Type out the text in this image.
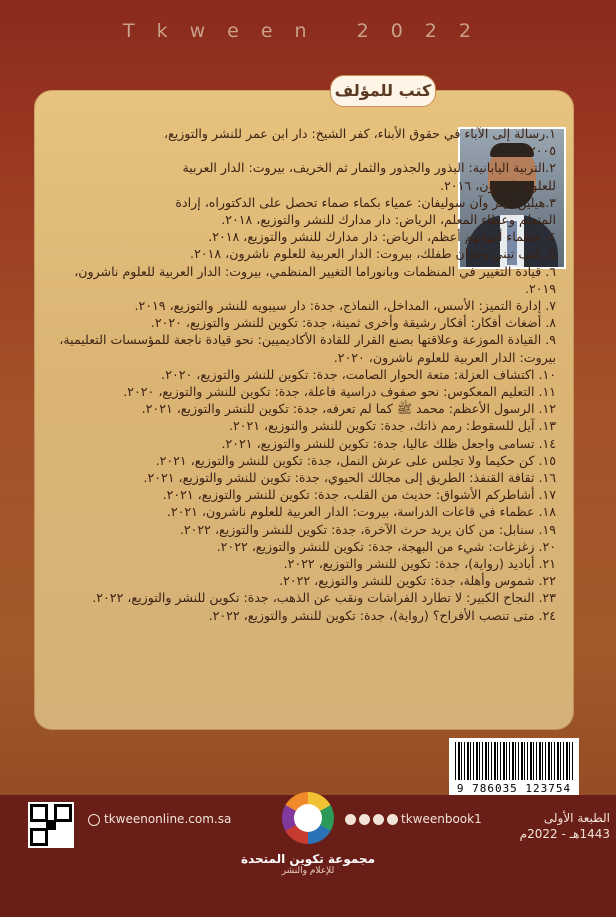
Tkween 2022
كتب للمؤلف

١.رسالة إلى الآباء في حقوق الأبناء، كفر الشيخ: دار ابن عمر للنشر والتوزيع، ٢٠٠٥.

٢.التربية اليابانية: البذور والجذور والثمار ثم الخريف، بيروت: الدار العربية للعلوم ناشرون، ٢٠١٦.

٣.هيلين كيلر وآن سوليفان: عمياء بكماء صماء تحصل على الدكتوراه، إرادة المتعلم وعطاء المعلم، الرياض: دار مدارك للنشر والتوزيع، ٢٠١٨.

٤. عظماء أمهاتهم أعظم، الرياض: دار مدارك للنشر والتوزيع، ٢٠١٨.

٥. كيف تبني وجدان طفلك، بيروت: الدار العربية للعلوم ناشرون، ٢٠١٨.

٦. قيادة التغيير في المنظمات وبانوراما التغيير المنظمي، بيروت: الدار العربية للعلوم ناشرون، ٢٠١٩.

٧. إدارة التميز: الأسس، المداخل، النماذج، جدة: دار سيبويه للنشر والتوزيع، ٢٠١٩.

٨. أضغاث أفكار: أفكار رشيقة وأخرى ثمينة، جدة: تكوين للنشر والتوزيع، ٢٠٢٠.

٩. القيادة الموزعة وعلاقتها بصنع القرار للقادة الأكاديميين: نحو قيادة ناجعة للمؤسسات التعليمية، بيروت: الدار العربية للعلوم ناشرون، ٢٠٢٠.

١٠. اكتشاف العزلة: متعة الحوار الصامت، جدة: تكوين للنشر والتوزيع، ٢٠٢٠.

١١. التعليم المعكوس: نحو صفوف دراسية فاعلة، جدة: تكوين للنشر والتوزيع، ٢٠٢٠.

١٢. الرسول الأعظم: محمد ﷺ كما لم تعرفه، جدة: تكوين للنشر والتوزيع، ٢٠٢١.

١٣. آيل للسقوط: رمم ذاتك، جدة: تكوين للنشر والتوزيع، ٢٠٢١.

١٤. تسامى واجعل ظلك عاليا، جدة: تكوين للنشر والتوزيع، ٢٠٢١.

١٥. كن حكيما ولا تجلس على عرش النمل، جدة: تكوين للنشر والتوزيع، ٢٠٢١.

١٦. ثقافة القنفذ: الطريق إلى مجالك الحيوي، جدة: تكوين للنشر والتوزيع، ٢٠٢١.

١٧. أشاطركم الأشواق: حديث من القلب، جدة: تكوين للنشر والتوزيع، ٢٠٢١.

١٨. عظماء في قاعات الدراسة، بيروت: الدار العربية للعلوم ناشرون، ٢٠٢١.

١٩. سنابل: من كان يريد حرث الآخرة، جدة: تكوين للنشر والتوزيع، ٢٠٢٢.

٢٠. زغزغات: شيء من البهجة، جدة: تكوين للنشر والتوزيع، ٢٠٢٢.

٢١. أباديد (رواية)، جدة: تكوين للنشر والتوزيع، ٢٠٢٢.

٢٢. شموس وأهلة، جدة: تكوين للنشر والتوزيع، ٢٠٢٢.

٢٣. النجاح الكبير: لا تطارد الفراشات ونقب عن الذهب، جدة: تكوين للنشر والتوزيع، ٢٠٢٢.

٢٤. متى تنصب الأفراح؟ (رواية)، جدة: تكوين للنشر والتوزيع، ٢٠٢٢.

9 786035 123754
tkweenonline.com.sa
مجموعة تكوين المتحدة
للإعلام والنشر
tkweenbook1	الطبعة الأولى
1443هـ - 2022م
